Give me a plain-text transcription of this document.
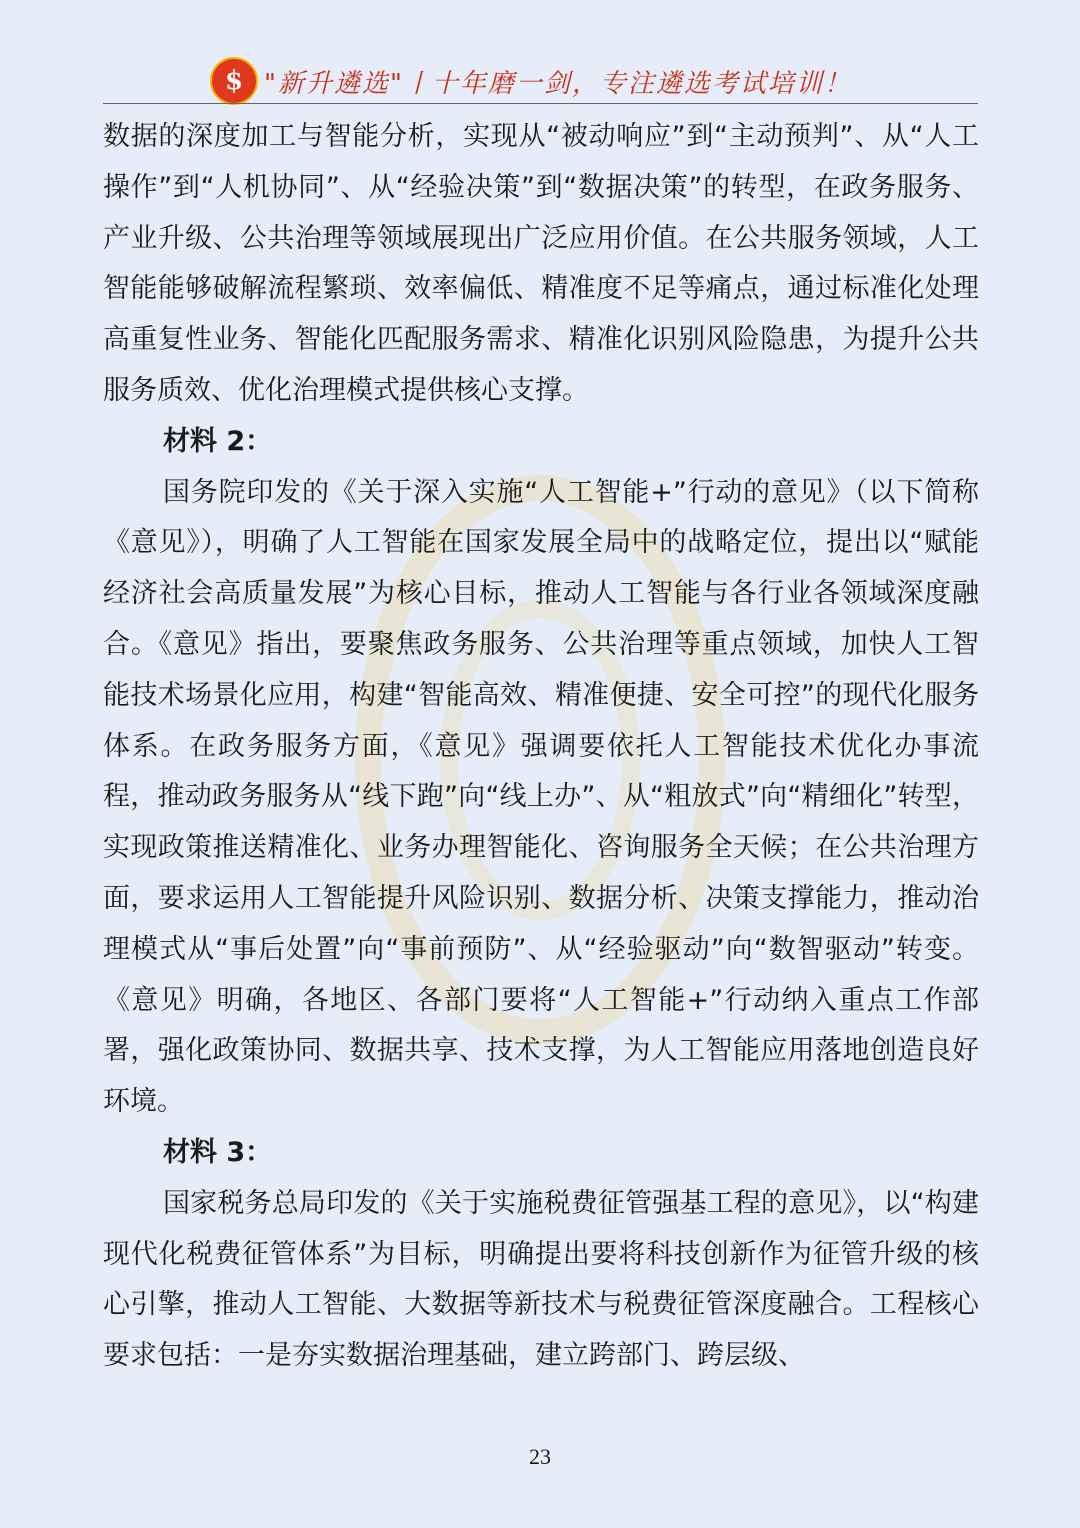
$ "新升遴选"丨十年磨一剑，专注遴选考试培训！

数据的深度加工与智能分析，实现从“被动响应”到“主动预判”、从“人工操作”到“人机协同”、从“经验决策”到“数据决策”的转型，在政务服务、产业升级、公共治理等领域展现出广泛应用价值。在公共服务领域，人工智能能够破解流程繁琐、效率偏低、精准度不足等痛点，通过标准化处理高重复性业务、智能化匹配服务需求、精准化识别风险隐患，为提升公共服务质效、优化治理模式提供核心支撑。

材料 2：

国务院印发的《关于深入实施“人工智能+”行动的意见》（以下简称《意见》），明确了人工智能在国家发展全局中的战略定位，提出以“赋能经济社会高质量发展”为核心目标，推动人工智能与各行业各领域深度融合。《意见》指出，要聚焦政务服务、公共治理等重点领域，加快人工智能技术场景化应用，构建“智能高效、精准便捷、安全可控”的现代化服务体系。在政务服务方面，《意见》强调要依托人工智能技术优化办事流程，推动政务服务从“线下跑”向“线上办”、从“粗放式”向“精细化”转型，实现政策推送精准化、业务办理智能化、咨询服务全天候；在公共治理方面，要求运用人工智能提升风险识别、数据分析、决策支撑能力，推动治理模式从“事后处置”向“事前预防”、从“经验驱动”向“数智驱动”转变。《意见》明确，各地区、各部门要将“人工智能+”行动纳入重点工作部署，强化政策协同、数据共享、技术支撑，为人工智能应用落地创造良好环境。

材料 3：

国家税务总局印发的《关于实施税费征管强基工程的意见》，以“构建现代化税费征管体系”为目标，明确提出要将科技创新作为征管升级的核心引擎，推动人工智能、大数据等新技术与税费征管深度融合。工程核心要求包括：一是夯实数据治理基础，建立跨部门、跨层级、

23
